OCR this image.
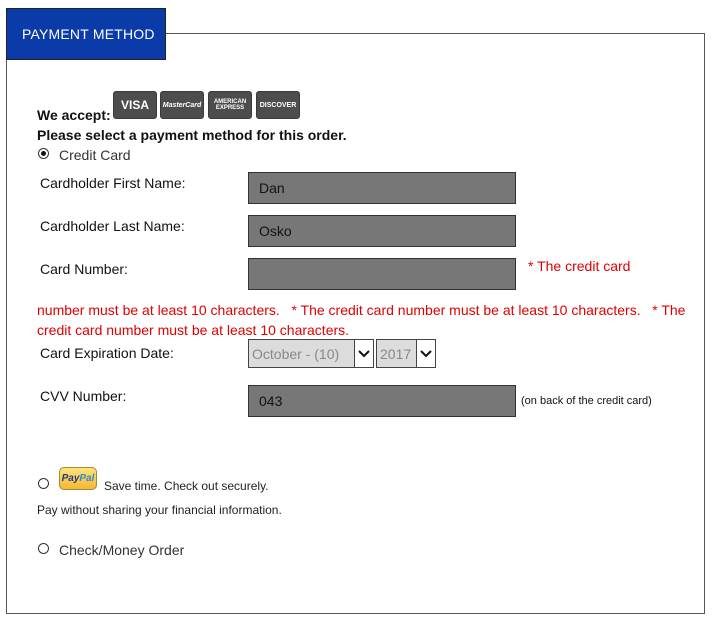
PAYMENT METHOD
We accept:
VISA	MasterCard	AMERICAN
EXPRESS	DISCOVER
Please select a payment method for this order.
Credit Card
Cardholder First Name:
Dan
Cardholder Last Name:
Osko
Card Number:	* The credit card
number must be at least 10 characters.   * The credit card number must be at least 10 characters.   * The
credit card number must be at least 10 characters.
Card Expiration Date:	October - (10)	2017
CVV Number:
043	(on back of the credit card)
Pay Pal
Save time. Check out securely.
Pay without sharing your financial information.
Check/Money Order
